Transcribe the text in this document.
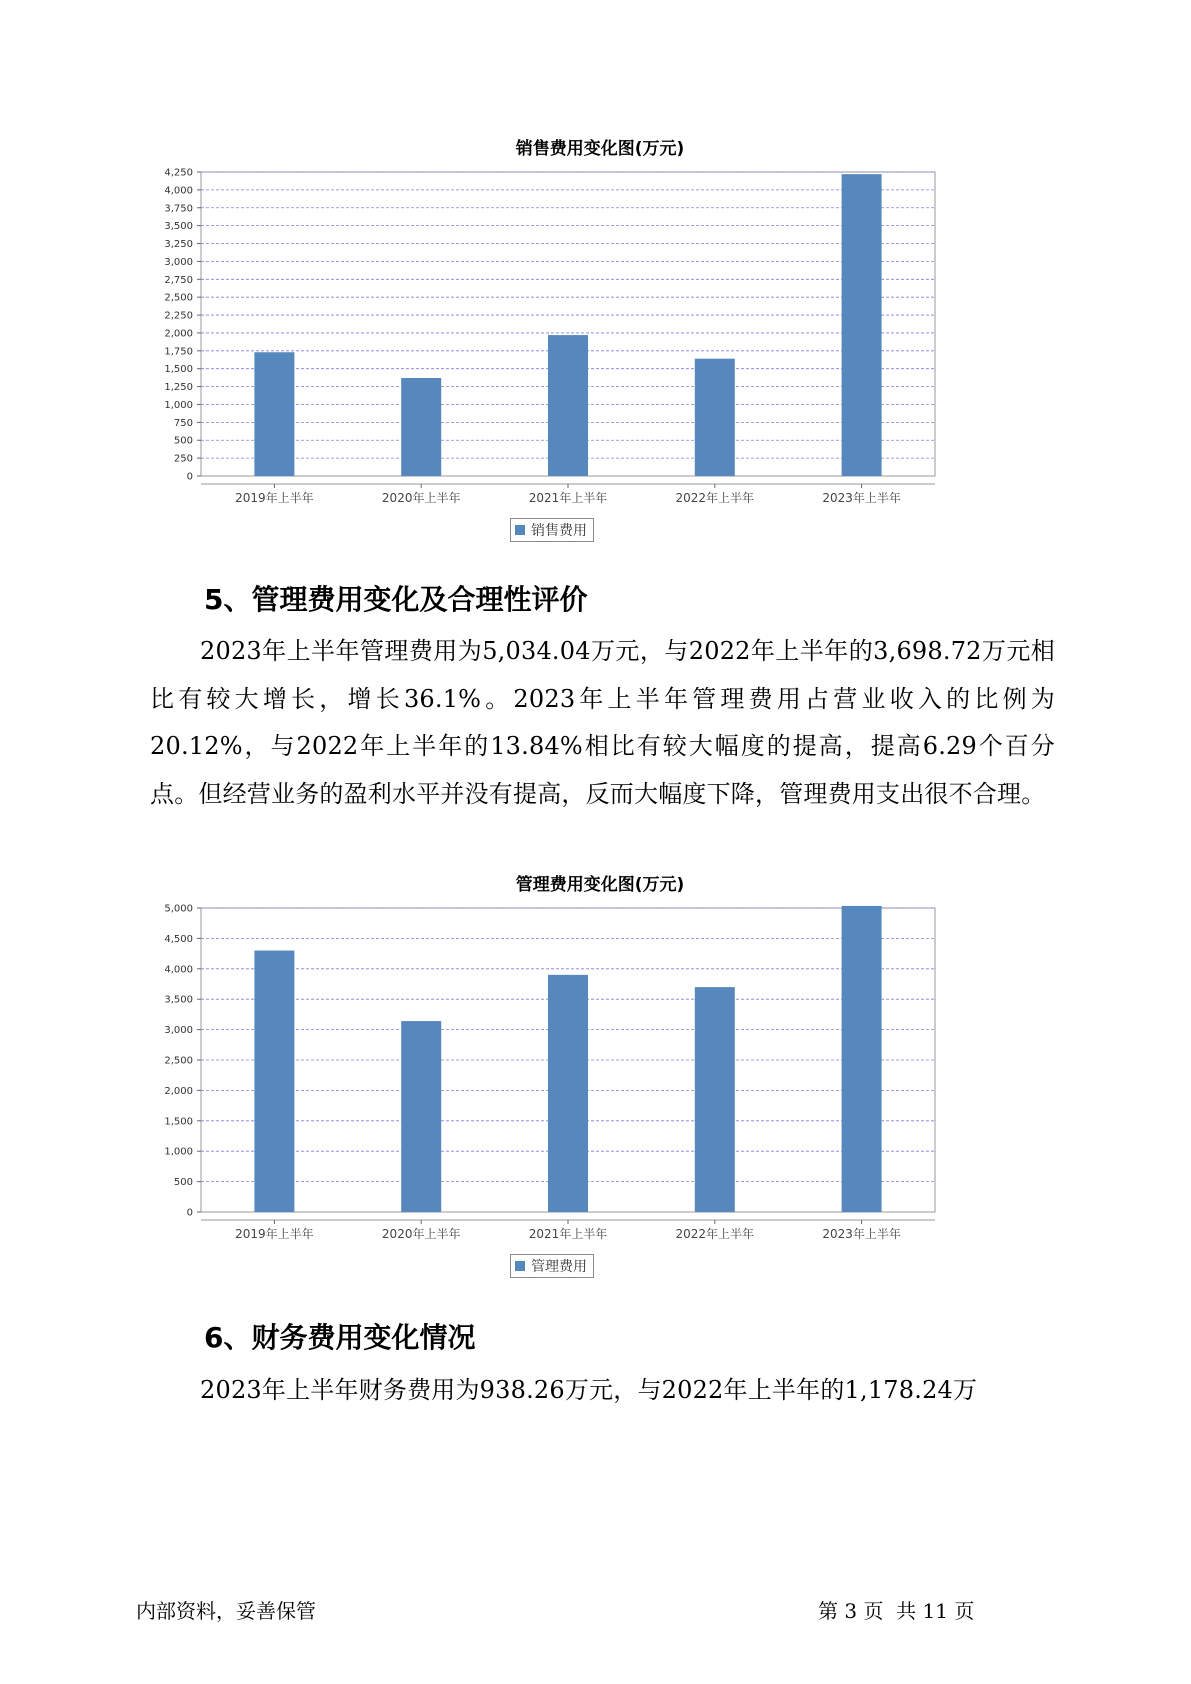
销售费用变化图(万元)
0
250
500
750
1,000
1,250
1,500
1,750
2,000
2,250
2,500
2,750
3,000
3,250
3,500
3,750
4,000
4,250
2019年上半年	2020年上半年	2021年上半年	2022年上半年	2023年上半年
销售费用
5、管理费用变化及合理性评价

2023年上半年管理费用为5,034.04万元，与2022年上半年的3,698.72万元相比有较大增长，增长36.1%。2023年上半年管理费用占营业收入的比例为20.12%，与2022年上半年的13.84%相比有较大幅度的提高，提高6.29个百分点。但经营业务的盈利水平并没有提高，反而大幅度下降，管理费用支出很不合理。

管理费用变化图(万元)
0
500
1,000
1,500
2,000
2,500
3,000
3,500
4,000
4,500
5,000
2019年上半年	2020年上半年	2021年上半年	2022年上半年	2023年上半年
管理费用
6、财务费用变化情况

2023年上半年财务费用为938.26万元，与2022年上半年的1,178.24万

内部资料，妥善保管	第 3 页  共 11 页
